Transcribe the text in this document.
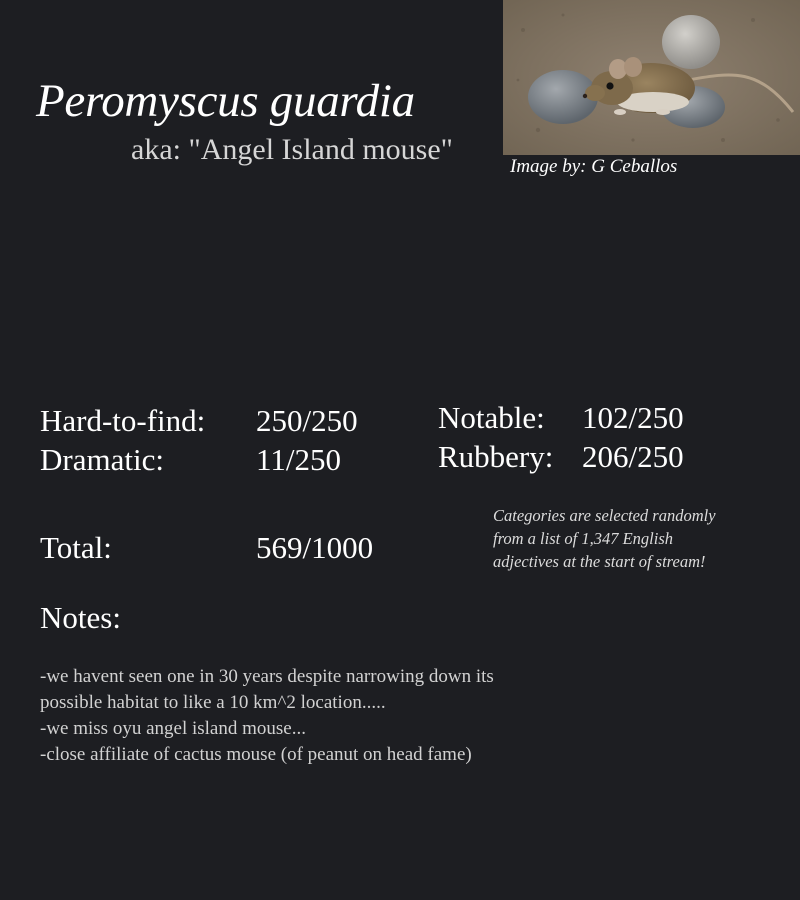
Peromyscus guardia
aka: "Angel Island mouse"
Image by: G Ceballos
Hard-to-find: 250/250
Dramatic:	11/250
Notable: 102/250
Rubbery: 206/250
Total:	569/1000
Categories are selected randomly from a list of 1,347 English adjectives at the start of stream!
Notes:
-we havent seen one in 30 years despite narrowing down its possible habitat to like a 10 km^2 location.....
-we miss oyu angel island mouse...
-close affiliate of cactus mouse (of peanut on head fame)
